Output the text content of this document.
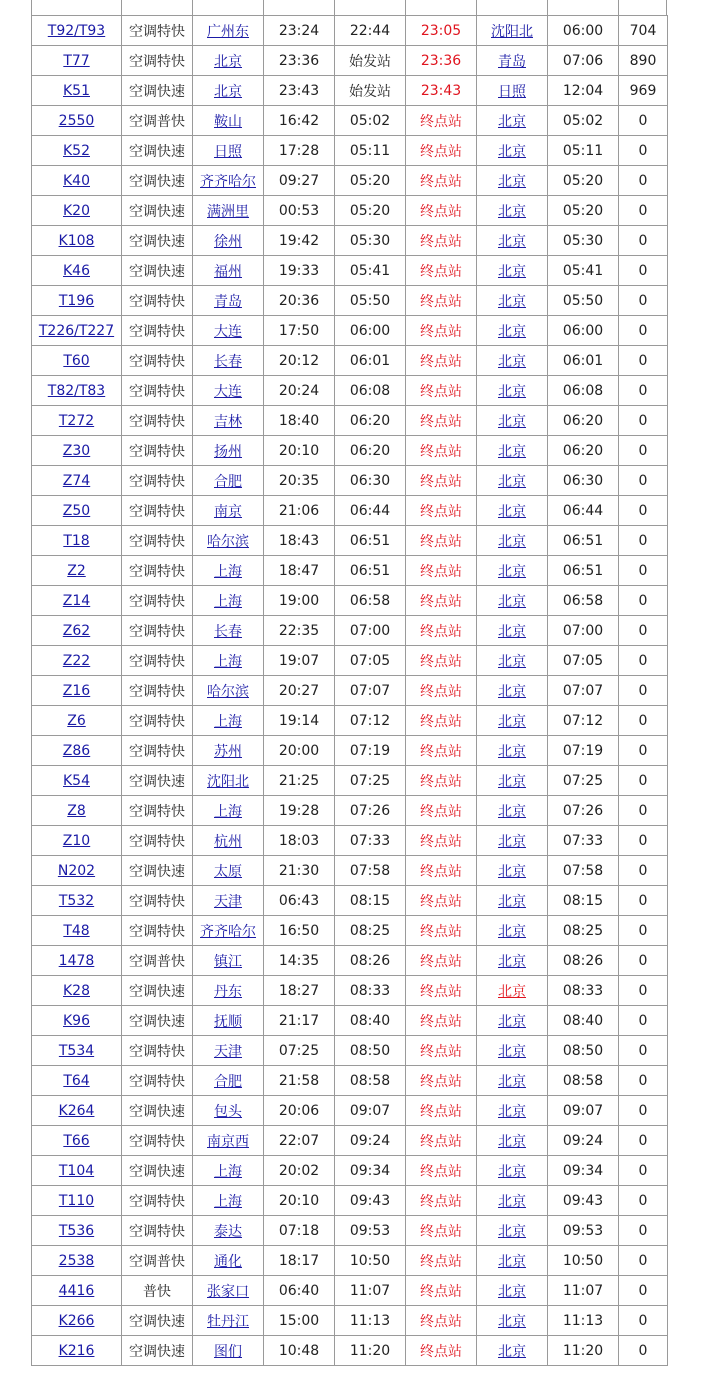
T92/T93	空调特快	广州东	23:24	22:44	23:05	沈阳北	06:00	704
T77	空调特快	北京	23:36	始发站	23:36	青岛	07:06	890
K51	空调快速	北京	23:43	始发站	23:43	日照	12:04	969
2550	空调普快	鞍山	16:42	05:02	终点站	北京	05:02	0
K52	空调快速	日照	17:28	05:11	终点站	北京	05:11	0
K40	空调快速	齐齐哈尔	09:27	05:20	终点站	北京	05:20	0
K20	空调快速	满洲里	00:53	05:20	终点站	北京	05:20	0
K108	空调快速	徐州	19:42	05:30	终点站	北京	05:30	0
K46	空调快速	福州	19:33	05:41	终点站	北京	05:41	0
T196	空调特快	青岛	20:36	05:50	终点站	北京	05:50	0
T226/T227	空调特快	大连	17:50	06:00	终点站	北京	06:00	0
T60	空调特快	长春	20:12	06:01	终点站	北京	06:01	0
T82/T83	空调特快	大连	20:24	06:08	终点站	北京	06:08	0
T272	空调特快	吉林	18:40	06:20	终点站	北京	06:20	0
Z30	空调特快	扬州	20:10	06:20	终点站	北京	06:20	0
Z74	空调特快	合肥	20:35	06:30	终点站	北京	06:30	0
Z50	空调特快	南京	21:06	06:44	终点站	北京	06:44	0
T18	空调特快	哈尔滨	18:43	06:51	终点站	北京	06:51	0
Z2	空调特快	上海	18:47	06:51	终点站	北京	06:51	0
Z14	空调特快	上海	19:00	06:58	终点站	北京	06:58	0
Z62	空调特快	长春	22:35	07:00	终点站	北京	07:00	0
Z22	空调特快	上海	19:07	07:05	终点站	北京	07:05	0
Z16	空调特快	哈尔滨	20:27	07:07	终点站	北京	07:07	0
Z6	空调特快	上海	19:14	07:12	终点站	北京	07:12	0
Z86	空调特快	苏州	20:00	07:19	终点站	北京	07:19	0
K54	空调快速	沈阳北	21:25	07:25	终点站	北京	07:25	0
Z8	空调特快	上海	19:28	07:26	终点站	北京	07:26	0
Z10	空调特快	杭州	18:03	07:33	终点站	北京	07:33	0
N202	空调快速	太原	21:30	07:58	终点站	北京	07:58	0
T532	空调特快	天津	06:43	08:15	终点站	北京	08:15	0
T48	空调特快	齐齐哈尔	16:50	08:25	终点站	北京	08:25	0
1478	空调普快	镇江	14:35	08:26	终点站	北京	08:26	0
K28	空调快速	丹东	18:27	08:33	终点站	北京	08:33	0
K96	空调快速	抚顺	21:17	08:40	终点站	北京	08:40	0
T534	空调特快	天津	07:25	08:50	终点站	北京	08:50	0
T64	空调特快	合肥	21:58	08:58	终点站	北京	08:58	0
K264	空调快速	包头	20:06	09:07	终点站	北京	09:07	0
T66	空调特快	南京西	22:07	09:24	终点站	北京	09:24	0
T104	空调快速	上海	20:02	09:34	终点站	北京	09:34	0
T110	空调特快	上海	20:10	09:43	终点站	北京	09:43	0
T536	空调特快	泰达	07:18	09:53	终点站	北京	09:53	0
2538	空调普快	通化	18:17	10:50	终点站	北京	10:50	0
4416	普快	张家口	06:40	11:07	终点站	北京	11:07	0
K266	空调快速	牡丹江	15:00	11:13	终点站	北京	11:13	0
K216	空调快速	图们	10:48	11:20	终点站	北京	11:20	0
